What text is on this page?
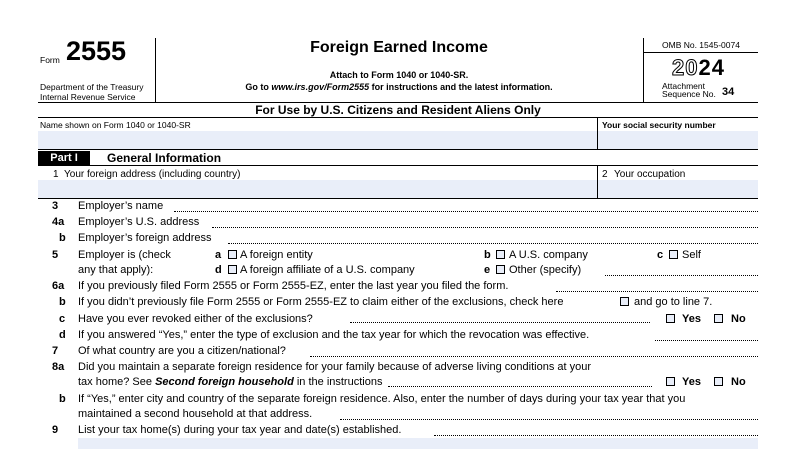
Form 2555
Department of the Treasury
Internal Revenue Service
Foreign Earned Income
Attach to Form 1040 or 1040-SR.
Go to www.irs.gov/Form2555 for instructions and the latest information.
OMB No. 1545-0074
2024
Attachment
Sequence No. 34
For Use by U.S. Citizens and Resident Aliens Only
Name shown on Form 1040 or 1040-SR	Your social security number
Part I	General Information
1 Your foreign address (including country)	2 Your occupation
3 Employer’s name
4a Employer’s U.S. address
b Employer’s foreign address
5 Employer is (check
any that apply):
a A foreign entity	b A U.S. company	c Self
d A foreign affiliate of a U.S. company	e Other (specify)
6a If you previously filed Form 2555 or Form 2555-EZ, enter the last year you filed the form.
b If you didn’t previously file Form 2555 or Form 2555-EZ to claim either of the exclusions, check here	and go to line 7.
c Have you ever revoked either of the exclusions?	Yes	No
d If you answered “Yes,” enter the type of exclusion and the tax year for which the revocation was effective.
7 Of what country are you a citizen/national?
8a Did you maintain a separate foreign residence for your family because of adverse living conditions at your
tax home? See Second foreign household in the instructions	Yes	No
b If “Yes,” enter city and country of the separate foreign residence. Also, enter the number of days during your tax year that you
maintained a second household at that address.
9 List your tax home(s) during your tax year and date(s) established.
